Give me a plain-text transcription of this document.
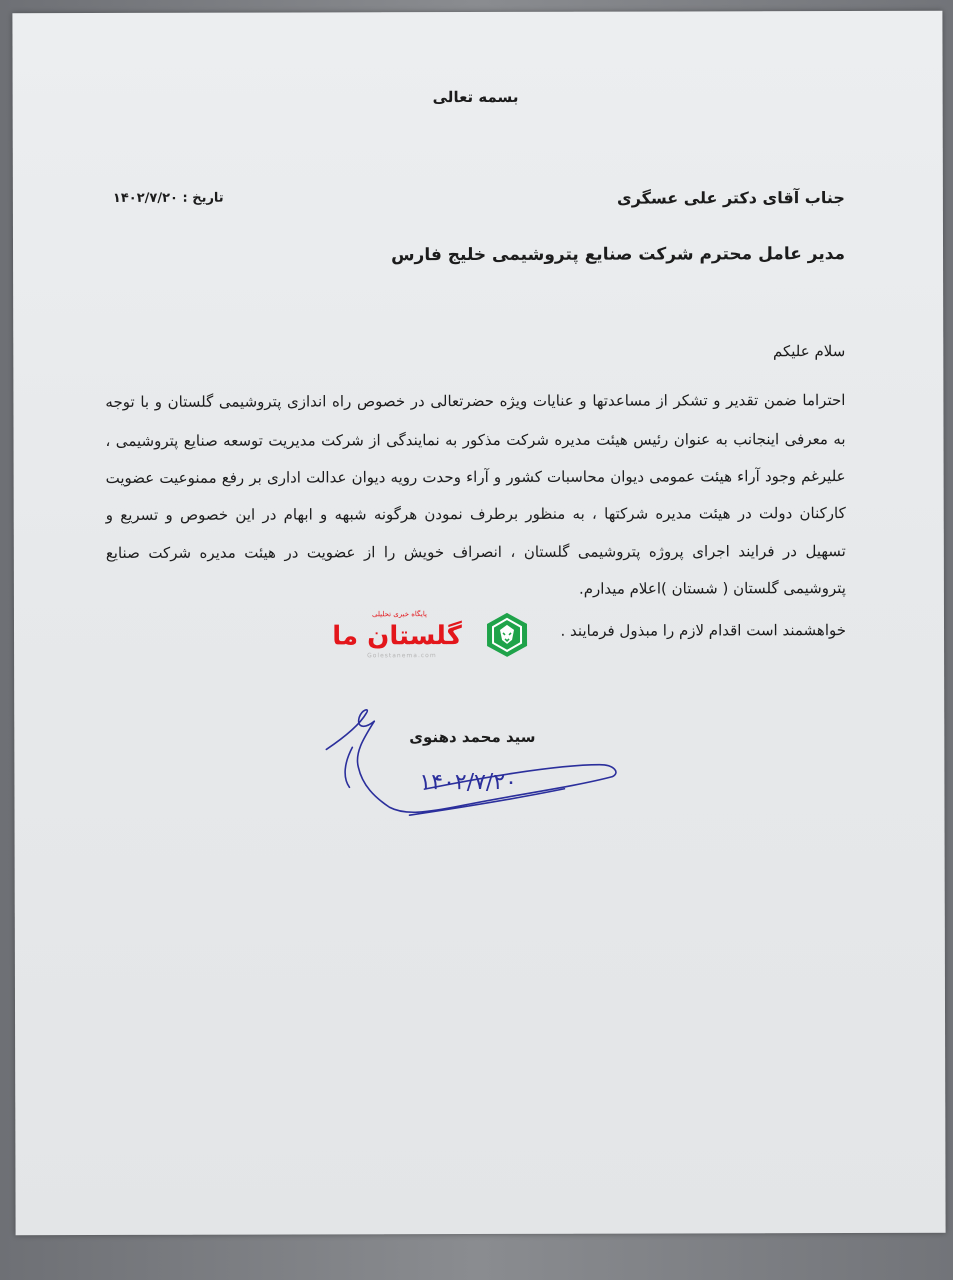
بسمه تعالی
جناب آقای دکتر علی عسگری
تاریخ : ۱۴۰۲/۷/۲۰
مدیر عامل محترم شرکت صنایع پتروشیمی خلیج فارس
سلام علیکم
احتراما ضمن تقدیر و تشکر از مساعدتها و عنایات ویژه حضرتعالی در خصوص راه اندازی پتروشیمی گلستان و با توجه
به معرفی اینجانب به عنوان رئیس هیئت مدیره شرکت مذکور به نمایندگی از شرکت مدیریت توسعه صنایع پتروشیمی ،
علیرغم وجود آراء هیئت عمومی دیوان محاسبات کشور و آراء وحدت رویه دیوان عدالت اداری بر رفع ممنوعیت عضویت
کارکنان دولت در هیئت مدیره شرکتها ، به منظور برطرف نمودن هرگونه شبهه و ابهام در این خصوص و تسریع و
تسهیل در فرایند اجرای پروژه پتروشیمی گلستان ، انصراف خویش را از عضویت در هیئت مدیره شرکت صنایع
پتروشیمی گلستان ( شستان )اعلام میدارم.
خواهشمند است اقدام لازم را مبذول فرمایند .
پایگاه خبری تحلیلی
گلستان ما
Golestanema.com
سید محمد دهنوی
۱۴۰۲/۷/۲۰
